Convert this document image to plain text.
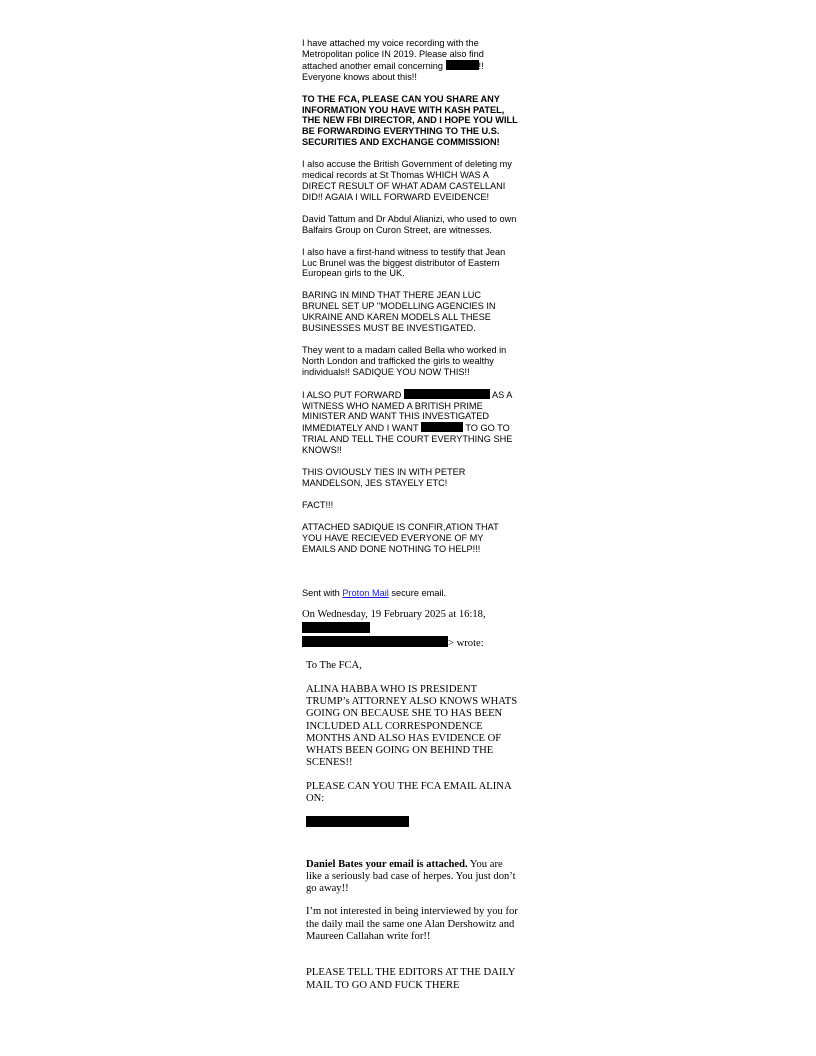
I have attached my voice recording with the Metropolitan police IN 2019. Please also find attached another email concerning	!! Everyone knows about this!!

TO THE FCA, PLEASE CAN YOU SHARE ANY INFORMATION YOU HAVE WITH KASH PATEL, THE NEW FBI DIRECTOR, AND I HOPE YOU WILL BE FORWARDING EVERYTHING TO THE U.S. SECURITIES AND EXCHANGE COMMISSION!

I also accuse the British Government of deleting my medical records at St Thomas WHICH WAS A DIRECT RESULT OF WHAT ADAM CASTELLANI DID!! AGAIA I WILL FORWARD EVEIDENCE!

David Tattum and Dr Abdul Alianizi, who used to own Balfairs Group on Curon Street, are witnesses.

I also have a first-hand witness to testify that Jean Luc Brunel was the biggest distributor of Eastern European girls to the UK.

BARING IN MIND THAT THERE JEAN LUC BRUNEL SET UP "MODELLING AGENCIES IN UKRAINE AND KAREN MODELS ALL THESE BUSINESSES MUST BE INVESTIGATED.

They went to a madam called Bella who worked in North London and trafficked the girls to wealthy individuals!! SADIQUE YOU NOW THIS!!

I ALSO PUT FORWARD	AS A WITNESS WHO NAMED A BRITISH PRIME MINISTER AND WANT THIS INVESTIGATED IMMEDIATELY AND I WANT	TO GO TO TRIAL AND TELL THE COURT EVERYTHING SHE KNOWS!!

THIS OVIOUSLY TIES IN WITH PETER MANDELSON, JES STAYELY ETC!

FACT!!!

ATTACHED SADIQUE IS CONFIR,ATION THAT YOU HAVE RECIEVED EVERYONE OF MY EMAILS AND DONE NOTHING TO HELP!!!

Sent with Proton Mail secure email.

On Wednesday, 19 February 2025 at 16:18,
> wrote:

To The FCA,

ALINA HABBA WHO IS PRESIDENT TRUMP’s ATTORNEY ALSO KNOWS WHATS GOING ON BECAUSE SHE TO HAS BEEN
INCLUDED ALL CORRESPONDENCE MONTHS AND ALSO HAS EVIDENCE OF WHATS BEEN GOING ON BEHIND THE SCENES!!

PLEASE CAN YOU THE FCA EMAIL ALINA ON:

Daniel Bates your email is attached. You are like a seriously bad case of herpes. You just don’t go away!!

I’m not interested in being interviewed by you for the daily mail the same one Alan Dershowitz and Maureen Callahan write for!!

PLEASE TELL THE EDITORS AT THE DAILY MAIL TO GO AND FUCK THERE
